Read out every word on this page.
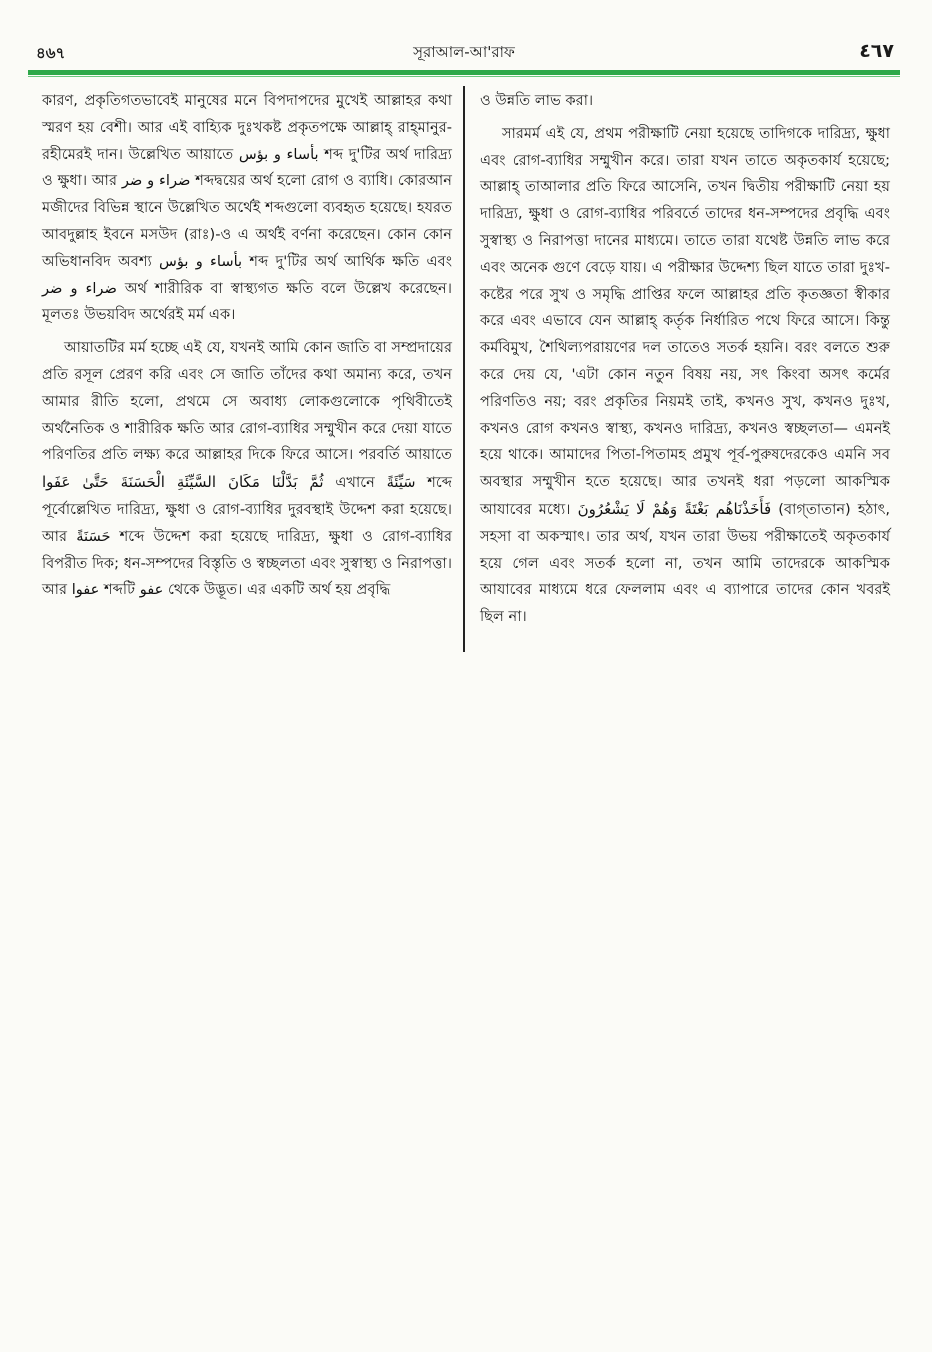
৪৬৭	সূরাআল-আ'রাফ	٤٦٧

কারণ, প্রকৃতিগতভাবেই মানুষের মনে বিপদাপদের মুখেই আল্লাহর কথা স্মরণ হয় বেশী। আর এই বাহ্যিক দুঃখকষ্ট প্রকৃতপক্ষে আল্লাহ্ রাহ্‌মানুর-রহীমেরই দান। উল্লেখিত আয়াতে بأساء و بؤس শব্দ দু'টির অর্থ দারিদ্র্য ও ক্ষুধা। আর ضراء و ضر শব্দদ্বয়ের অর্থ হলো রোগ ও ব্যাধি। কোরআন মজীদের বিভিন্ন স্থানে উল্লেখিত অর্থেই শব্দগুলো ব্যবহৃত হয়েছে। হযরত আবদুল্লাহ ইবনে মসউদ (রাঃ)-ও এ অর্থই বর্ণনা করেছেন। কোন কোন অভিধানবিদ অবশ্য بأساء و بؤس শব্দ দু'টির অর্থ আর্থিক ক্ষতি এবং ضراء و ضر অর্থ শারীরিক বা স্বাস্থ্যগত ক্ষতি বলে উল্লেখ করেছেন। মূলতঃ উভয়বিদ অর্থেরই মর্ম এক।

আয়াতটির মর্ম হচ্ছে এই যে, যখনই আমি কোন জাতি বা সম্প্রদায়ের প্রতি রসূল প্রেরণ করি এবং সে জাতি তাঁদের কথা অমান্য করে, তখন আমার রীতি হলো, প্রথমে সে অবাধ্য লোকগুলোকে পৃথিবীতেই অর্থনৈতিক ও শারীরিক ক্ষতি আর রোগ-ব্যাধির সম্মুখীন করে দেয়া যাতে পরিণতির প্রতি লক্ষ্য করে আল্লাহর দিকে ফিরে আসে। পরবর্তি আয়াতে ثُمَّ بَدَّلْنَا مَكَانَ السَّيِّئَةِ الْحَسَنَةَ حَتَّىٰ عَفَوا এখানে سَيِّئَةً শব্দে পূর্বোল্লেখিত দারিদ্র্য, ক্ষুধা ও রোগ-ব্যাধির দুরবস্থাই উদ্দেশ করা হয়েছে। আর حَسَنَةً শব্দে উদ্দেশ করা হয়েছে দারিদ্র্য, ক্ষুধা ও রোগ-ব্যাধির বিপরীত দিক; ধন-সম্পদের বিস্তৃতি ও স্বচ্ছলতা এবং সুস্বাস্থ্য ও নিরাপত্তা। আর عفوا শব্দটি عفو থেকে উদ্ভূত। এর একটি অর্থ হয় প্রবৃদ্ধি

ও উন্নতি লাভ করা।

সারমর্ম এই যে, প্রথম পরীক্ষাটি নেয়া হয়েছে তাদিগকে দারিদ্র্য, ক্ষুধা এবং রোগ-ব্যাধির সম্মুখীন করে। তারা যখন তাতে অকৃতকার্য হয়েছে; আল্লাহ্ তাআলার প্রতি ফিরে আসেনি, তখন দ্বিতীয় পরীক্ষাটি নেয়া হয় দারিদ্র্য, ক্ষুধা ও রোগ-ব্যাধির পরিবর্তে তাদের ধন-সম্পদের প্রবৃদ্ধি এবং সুস্বাস্থ্য ও নিরাপত্তা দানের মাধ্যমে। তাতে তারা যথেষ্ট উন্নতি লাভ করে এবং অনেক গুণে বেড়ে যায়। এ পরীক্ষার উদ্দেশ্য ছিল যাতে তারা দুঃখ-কষ্টের পরে সুখ ও সমৃদ্ধি প্রাপ্তির ফলে আল্লাহর প্রতি কৃতজ্ঞতা স্বীকার করে এবং এভাবে যেন আল্লাহ্ কর্তৃক নির্ধারিত পথে ফিরে আসে। কিন্তু কর্মবিমুখ, শৈথিল্যপরায়ণের দল তাতেও সতর্ক হয়নি। বরং বলতে শুরু করে দেয় যে, 'এটা কোন নতুন বিষয় নয়, সৎ কিংবা অসৎ কর্মের পরিণতিও নয়; বরং প্রকৃতির নিয়মই তাই, কখনও সুখ, কখনও দুঃখ, কখনও রোগ কখনও স্বাস্থ্য, কখনও দারিদ্র্য, কখনও স্বচ্ছলতা— এমনই হয়ে থাকে। আমাদের পিতা-পিতামহ প্রমুখ পূর্ব-পুরুষদেরকেও এমনি সব অবস্থার সম্মুখীন হতে হয়েছে। আর তখনই ধরা পড়লো আকস্মিক আযাবের মধ্যে। فَأَخَذْنَاهُم بَغْتَةً وَهُمْ لَا يَشْعُرُونَ (বাগ্‌তাতান) হঠাৎ, সহসা বা অকস্মাৎ। তার অর্থ, যখন তারা উভয় পরীক্ষাতেই অকৃতকার্য হয়ে গেল এবং সতর্ক হলো না, তখন আমি তাদেরকে আকস্মিক আযাবের মাধ্যমে ধরে ফেললাম এবং এ ব্যাপারে তাদের কোন খবরই ছিল না।
